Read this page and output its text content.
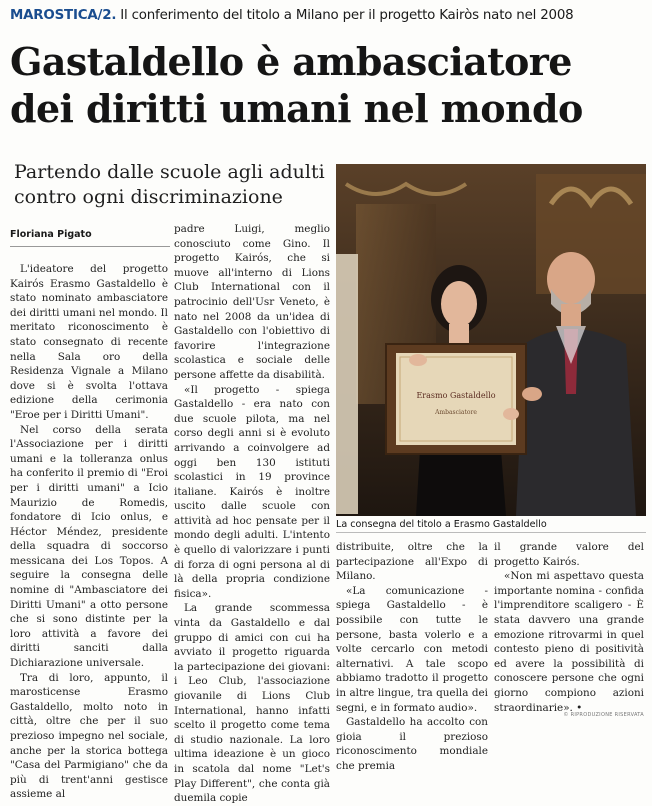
MAROSTICA/2. Il conferimento del titolo a Milano per il progetto Kairòs nato nel 2008
Gastaldello è ambasciatore
dei diritti umani nel mondo
Partendo dalle scuole agli adulti
contro ogni discriminazione
Floriana Pigato

L'ideatore del progetto Kairós Erasmo Gastaldello è stato nominato ambasciatore dei diritti umani nel mondo. Il meritato riconoscimento è stato consegnato di recente nella Sala oro della Residenza Vignale a Milano dove si è svolta l'ottava edizione della cerimonia "Eroe per i Diritti Umani".

Nel corso della serata l'Associazione per i diritti umani e la tolleranza onlus ha conferito il premio di "Eroi per i diritti umani" a Icio Maurizio de Romedis, fondatore di Icio onlus, e Héctor Méndez, presidente della squadra di soccorso messicana dei Los Topos. A seguire la consegna delle nomine di "Ambasciatore dei Diritti Umani" a otto persone che si sono distinte per la loro attività a favore dei diritti sanciti dalla Dichiarazione universale.

Tra di loro, appunto, il marosticense Erasmo Gastaldello, molto noto in città, oltre che per il suo prezioso impegno nel sociale, anche per la storica bottega "Casa del Parmigiano" che da più di trent'anni gestisce assieme al

padre Luigi, meglio conosciuto come Gino. Il progetto Kairós, che si muove all'interno di Lions Club International con il patrocinio dell'Usr Veneto, è nato nel 2008 da un'idea di Gastaldello con l'obiettivo di favorire l'integrazione scolastica e sociale delle persone affette da disabilità.

«Il progetto - spiega Gastaldello - era nato con due scuole pilota, ma nel corso degli anni si è evoluto arrivando a coinvolgere ad oggi ben 130 istituti scolastici in 19 province italiane. Kairós è inoltre uscito dalle scuole con attività ad hoc pensate per il mondo degli adulti. L'intento è quello di valorizzare i punti di forza di ogni persona al di là della propria condizione fisica».

La grande scommessa vinta da Gastaldello e dal gruppo di amici con cui ha avviato il progetto riguarda la partecipazione dei giovani: i Leo Club, l'associazione giovanile di Lions Club International, hanno infatti scelto il progetto come tema di studio nazionale. La loro ultima ideazione è un gioco in scatola dal nome "Let's Play Different", che conta già duemila copie

Erasmo Gastaldello
Ambasciatore
La consegna del titolo a Erasmo Gastaldello

distribuite, oltre che la partecipazione all'Expo di Milano.

«La comunicazione - spiega Gastaldello - è possibile con tutte le persone, basta volerlo e a volte cercarlo con metodi alternativi. A tale scopo abbiamo tradotto il progetto in altre lingue, tra quella dei segni, e in formato audio».

Gastaldello ha accolto con gioia il prezioso riconoscimento mondiale che premia

il grande valore del progetto Kairós.

«Non mi aspettavo questa importante nomina - confida l'imprenditore scaligero - È stata davvero una grande emozione ritrovarmi in quel contesto pieno di positività ed avere la possibilità di conoscere persone che ogni giorno compiono azioni straordinarie». •

© RIPRODUZIONE RISERVATA
